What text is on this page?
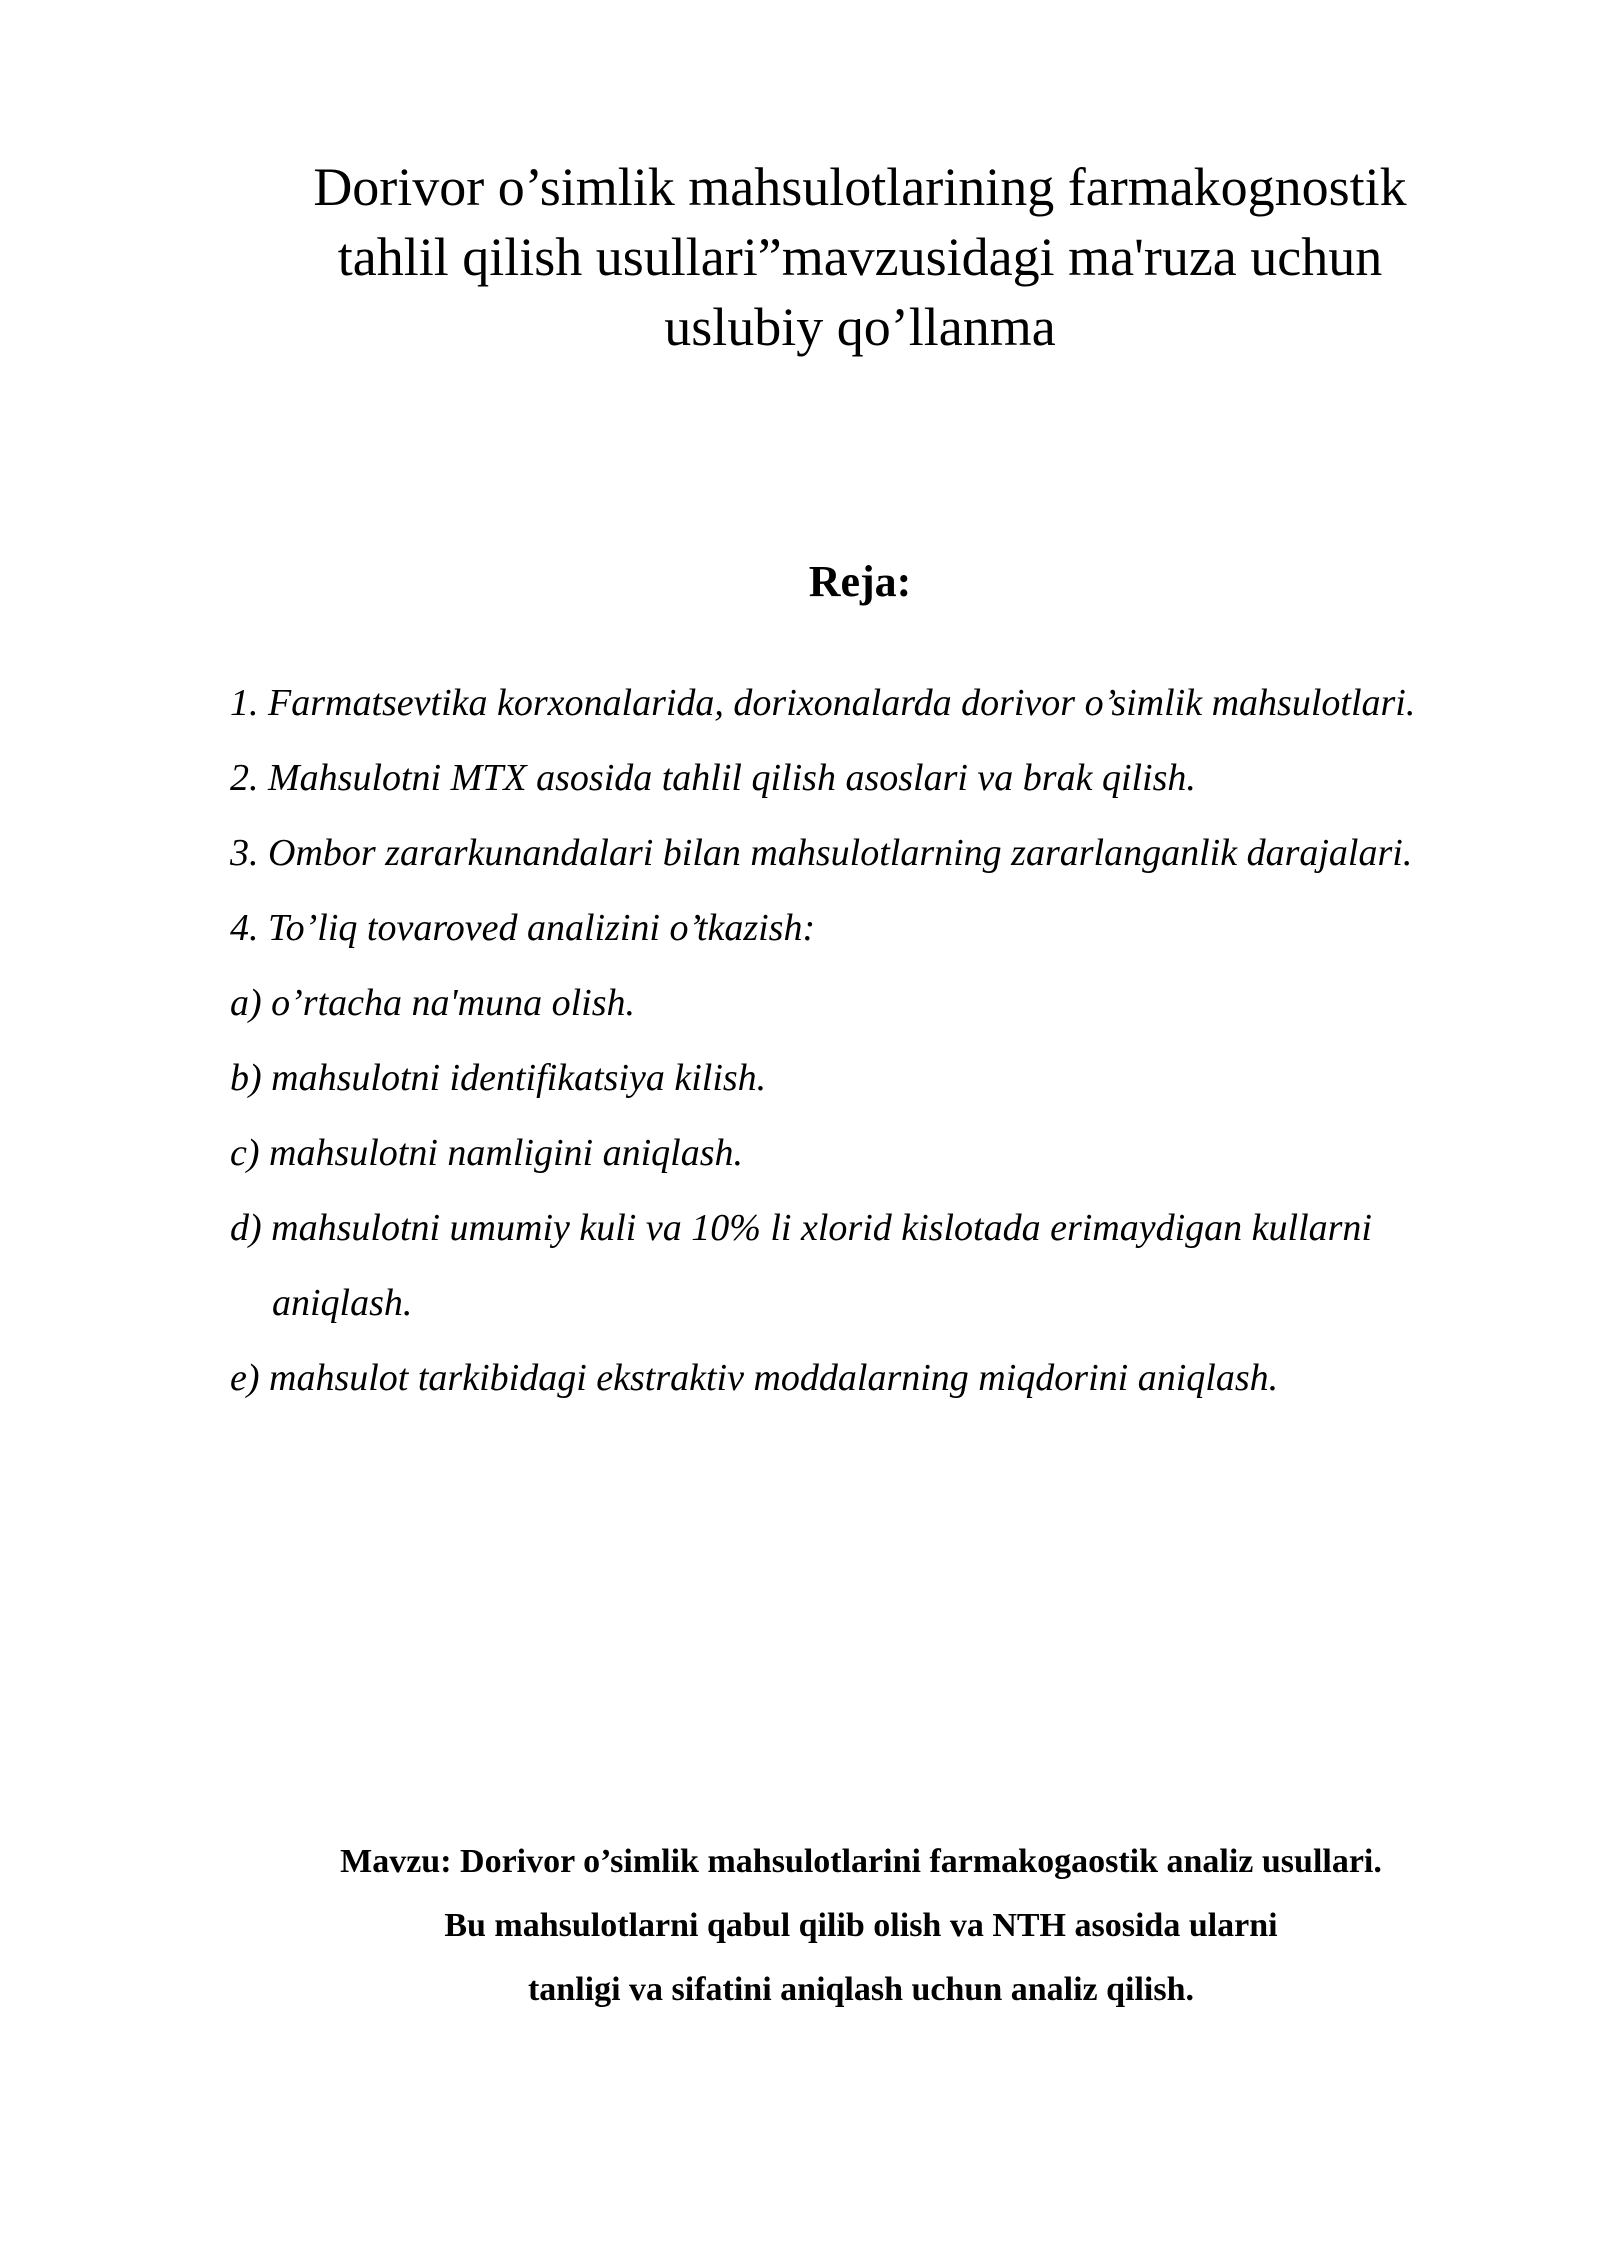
Dorivor o’simlik mahsulotlarining farmakognostik
tahlil qilish usullari”mavzusidagi ma'ruza uchun
uslubiy qo’llanma
Reja:
1. Farmatsevtika korxonalarida, dorixonalarda dorivor o’simlik mahsulotlari.
2. Mahsulotni MTX asosida tahlil qilish asoslari va brak qilish.
3. Ombor zararkunandalari bilan mahsulotlarning zararlanganlik darajalari.
4. To’liq tovaroved analizini o’tkazish:
a) o’rtacha na'muna olish.
b) mahsulotni identifikatsiya kilish.
c) mahsulotni namligini aniqlash.
d) mahsulotni umumiy kuli va 10% li xlorid kislotada erimaydigan kullarni
aniqlash.
e) mahsulot tarkibidagi ekstraktiv moddalarning miqdorini aniqlash.
Mavzu: Dorivor o’simlik mahsulotlarini farmakogaostik analiz usullari.
Bu mahsulotlarni qabul qilib olish va NTH asosida ularni
tanligi va sifatini aniqlash uchun analiz qilish.
